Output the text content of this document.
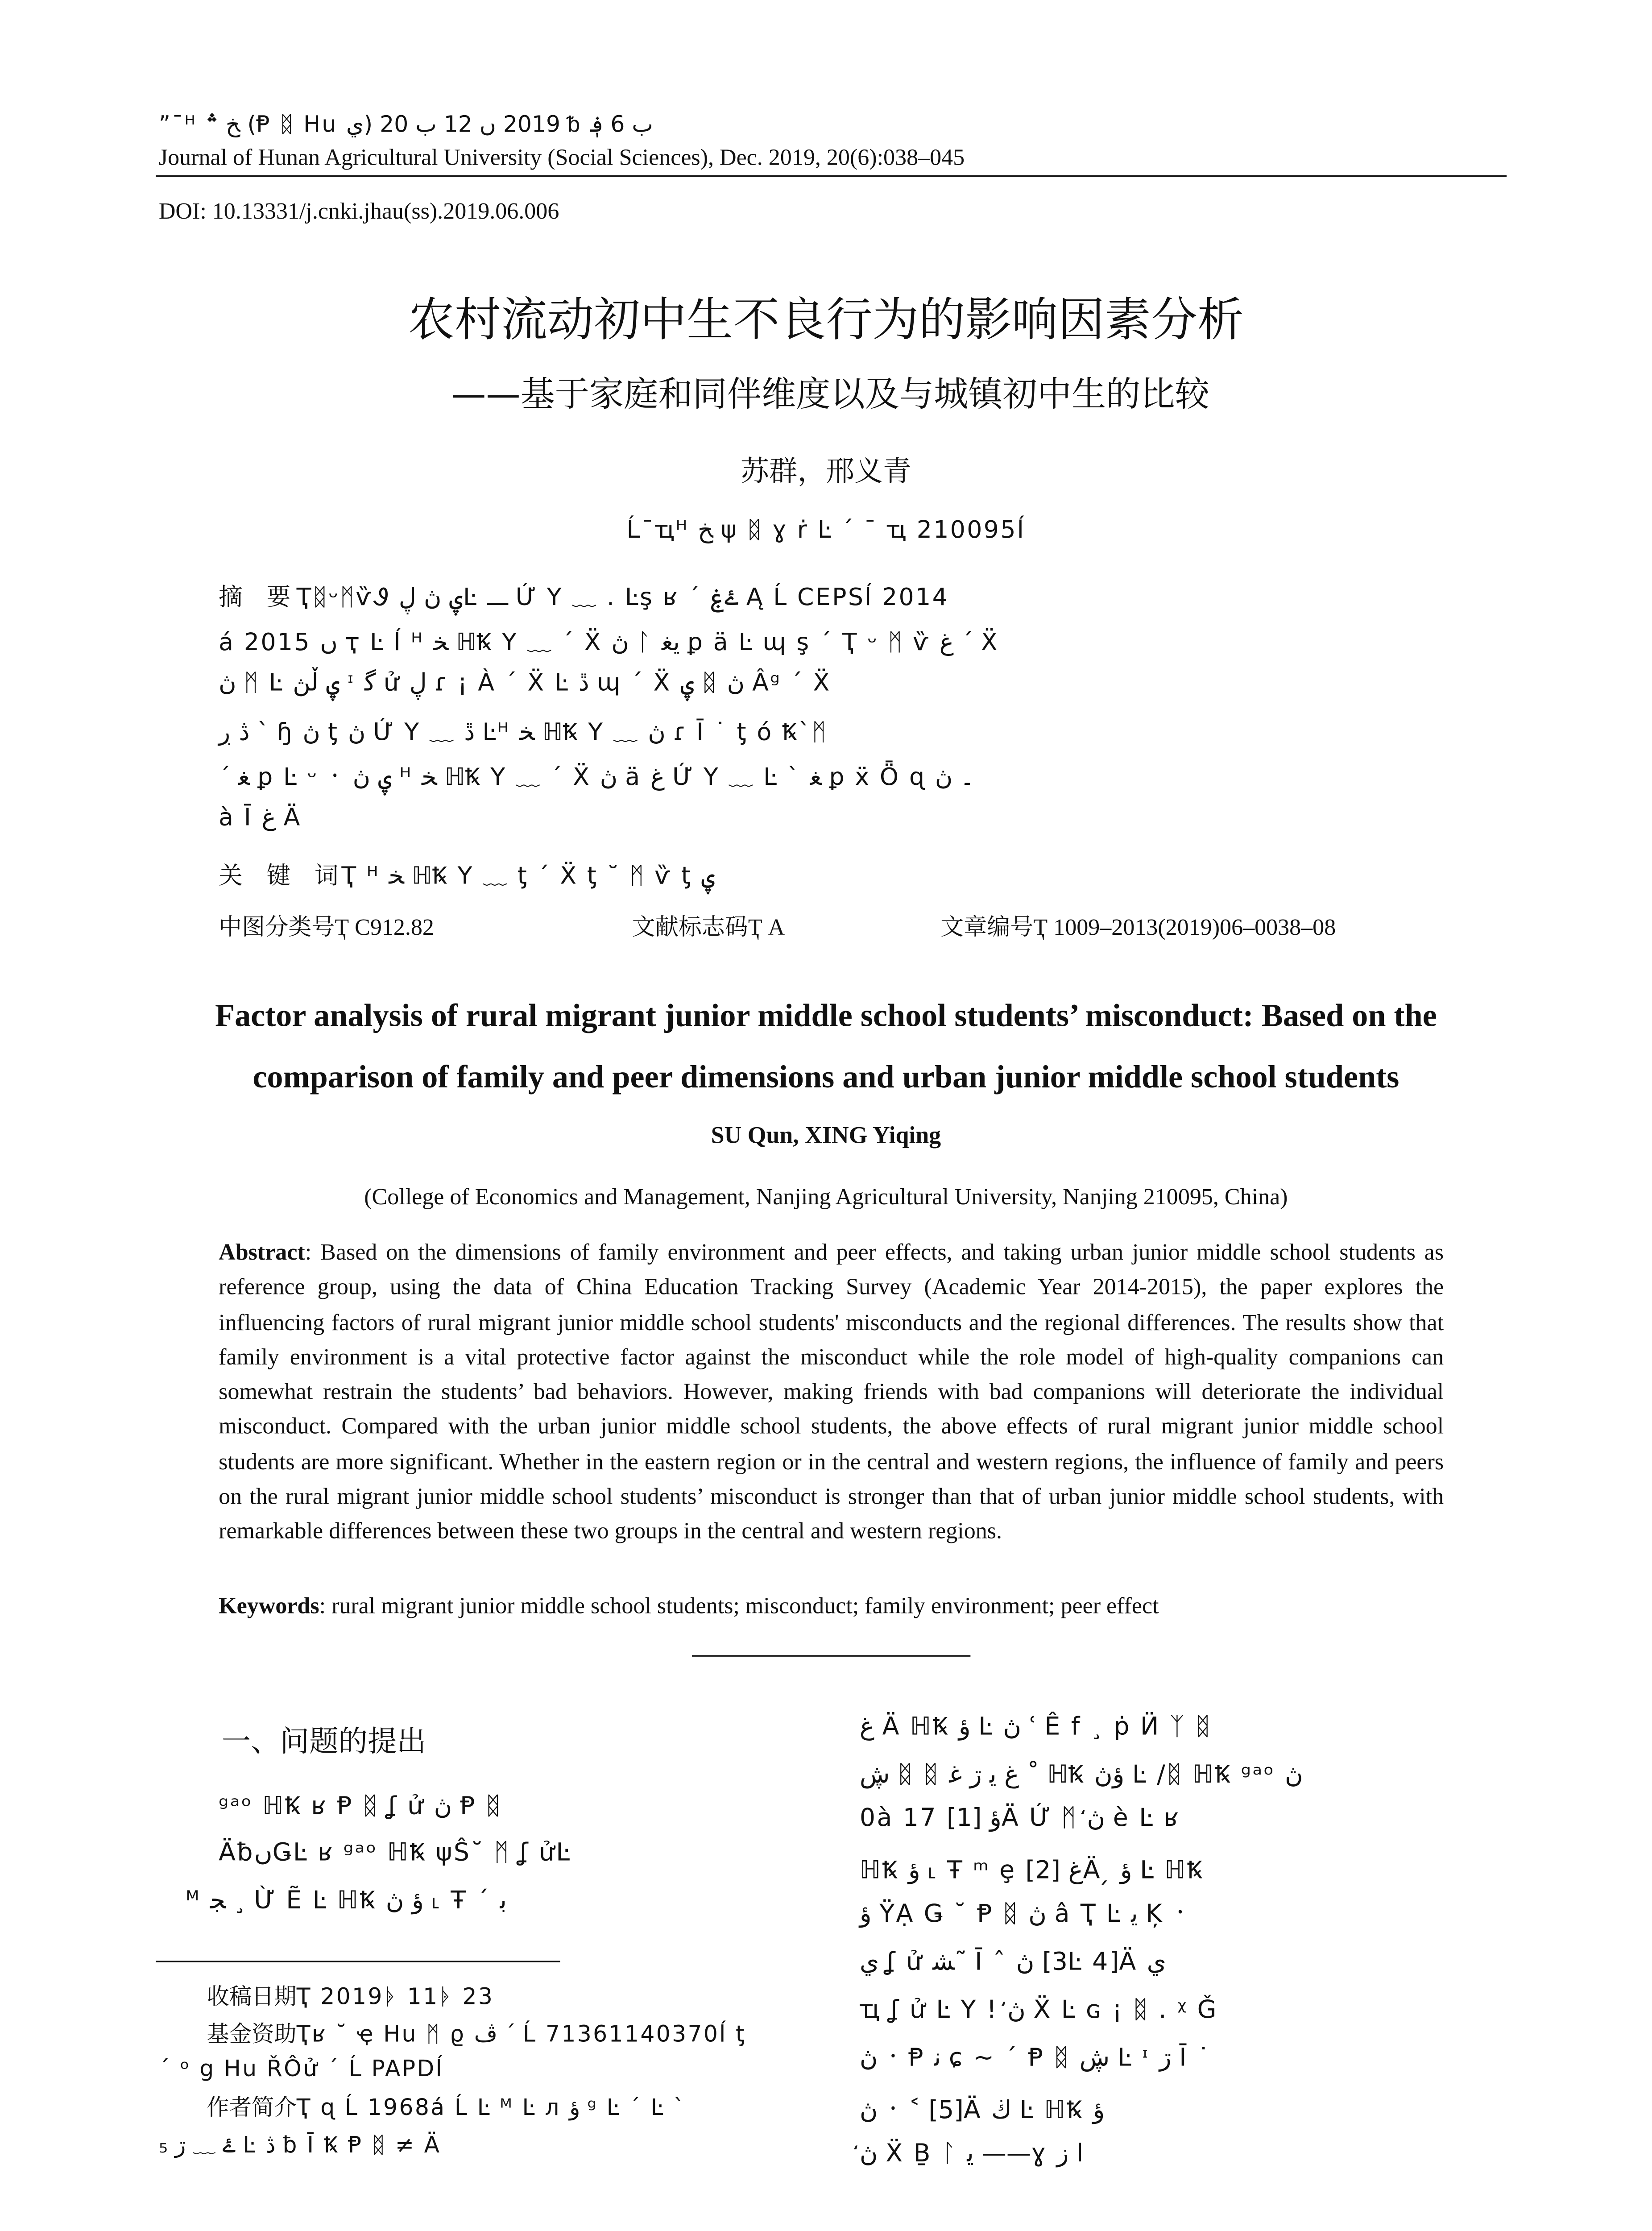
”¯ᴴ ﺦ ؞ (Ᵽ ᛥ Hu ي) 2019 ں 12 ب 20 ᵬ ب 6 ؋
Journal of Hunan Agricultural University (Social Sciences), Dec. 2019, 20(6):038–045
DOI: 10.13331/j.cnki.jhau(ss).2019.06.006
农村流动初中生不良行为的影响因素分析
——基于家庭和同伴维度以及与城镇初中生的比较
苏群，邢义青
Ĺ¯ҵᴴ ﺦ ψ ᛥ ɣ ṙ Ŀ ˊ ¯ ҵ 210095ĺ
摘　要 ҬᛥᵕᛗѷᏭ ۑ ڽ ڸĿ ـــ Ứ Y ﹏ . Ŀş ʁ ˊ ۓۼ Ą Ĺ CEPSĺ 2014
á 2015 ں ҭ Ŀ ĺ ᴴ ﺨ ℍꝄ Y ﹏ ˊ Ẍ ڽ ᛚ ﻳﻐ ꝑ ä Ŀ ɰ ş ˊ Ҭ ᵕ ᛗ ѷ ﻍ ˊ Ẍ
ڽ ᛗ Ŀ ۑ ڵڽ ᶦ ﮔ ử ڸ ɾ ¡ À ˊ Ẍ Ŀ ڐ ɰ ˊ Ẍ ۑ ᛥ ڽ Âᵍ ˊ Ẍ
ڎ ڔ ˋ ɧ ڽ ƫ ڽ Ứ Y ﹏ ڐ Ŀᴴ ﺨ ℍꝄ Y ﹏ ڽ ɾ Ī ˙ ƫ ó Ꝅˋᛗ
ˊ ﻐ ꝑ Ŀ ᵕ ᛫ ۑ ڽ ᴴ ﺨ ℍꝄ Y ﹏ ˊ Ẍ ڽ ä ﻍ Ứ Y ﹏ Ŀ ˋ ﻐ ꝑ ẍ Ȫ ɋ ۔ ڽ
à Ī ﻍ Ä
关　键　词 Ҭ ᴴ ﺨ ℍꝄ Y ﹏ ƫ ˊ Ẍ ƫ ˘ ᛗ ѷ ƫ ۑ
中图分类号Ҭ C912.82	文献标志码Ҭ A	文章编号Ҭ 1009–2013(2019)06–0038–08
Factor analysis of rural migrant junior middle school students’ misconduct: Based on the
comparison of family and peer dimensions and urban junior middle school students
SU Qun, XING Yiqing
(College of Economics and Management, Nanjing Agricultural University, Nanjing 210095, China)
Abstract: Based on the dimensions of family environment and peer effects, and taking urban junior middle school students as reference group, using the data of China Education Tracking Survey (Academic Year 2014-2015), the paper explores the influencing factors of rural migrant junior middle school students' misconducts and the regional differences. The results show that family environment is a vital protective factor against the misconduct while the role model of high-quality companions can somewhat restrain the students’ bad behaviors. However, making friends with bad companions will deteriorate the individual misconduct. Compared with the urban junior middle school students, the above effects of rural migrant junior middle school students are more significant. Whether in the eastern region or in the central and western regions, the influence of family and peers on the rural migrant junior middle school students’ misconduct is stronger than that of urban junior middle school students, with remarkable differences between these two groups in the central and western regions.
Keywords: rural migrant junior middle school students; misconduct; family environment; peer effect
一、问题的提出
ᵍᵃᵒ ℍꝄ ʁ Ᵽ ᛥ ʆ ử ڽ Ᵽ ᛥ
ÄƀںǤĿ ʁ ᵍᵃᵒ ℍꝄ ψŜ˘ ᛗ ʆ ửĿ
ᴹ ﺠ ¸ Ừ Ẽ Ŀ ℍꝄ ؤ ڽ ˪ Ŧ ˊ ﺑ
收稿日期Ҭ 2019ᚧ 11ᚧ 23
基金资助Ҭʁ ˘ ҿ Hu ᛗ ϱ ڤ ˊ Ĺ 71361140370ĺ ƫ
ˊ ᵒ g Hu ŘÔử ˊ Ĺ PAPDĺ
作者简介Ҭ ɋ Ĺ 1968á Ĺ Ŀ ᴹ Ŀ л ؤ ᵍ Ŀ ˊ Ŀ ˋ
ۓ ﹏ ڗ ₅ Ŀ ڎ ƀ Ī Ꝅ Ᵽ ᛥ ≠ Ä
ﻍ Ä ℍꝄ ؤ Ŀ ڽ ʿ Ê f ¸ ṗ Ӥ ᛉ ᛥ
ڜ ᛥ ᛥ ﻍ ﻳ ڗ ﻏ ˚ ℍꝄ ؤڽ Ŀ /ᛥ ℍꝄ ᵍᵃᵒ ڽ
0à 17 ؤ [1]Ä Ứ ᛗ ڽ̒ è Ŀ ʁ
ℍꝄ ؤ ˪ Ŧ ᵐ ȩ ﻍ [2]Ä ̗ ؤ Ŀ ℍꝄ
ؤ ŸẠ Ǥ ˘ Ᵽ ᛥ ڽ â Ҭ Ŀ ﻳ Ķ ᛫
ي ʆ ử ﺸ˜ Ī ˆ ڽ [3Ŀ 4]Ä ي
ҵ ʆ ử Ŀ Y ! ڽ̒ Ẍ Ŀ ɢ ¡ ᛥ . ᵡ Ǧ
ڽ ᛫ Ᵽ ﻧ ɕ ~ ˊ Ᵽ ᛥ ڜ Ŀ ᶦ ڗ Ī ˙
ڽ ᛫ ˂ [5]Ä ڬ Ŀ ℍꝄ ؤ
ڽ̒ Ẍ Ḇ ᛚ ﻳ ——ɣ ا ز
